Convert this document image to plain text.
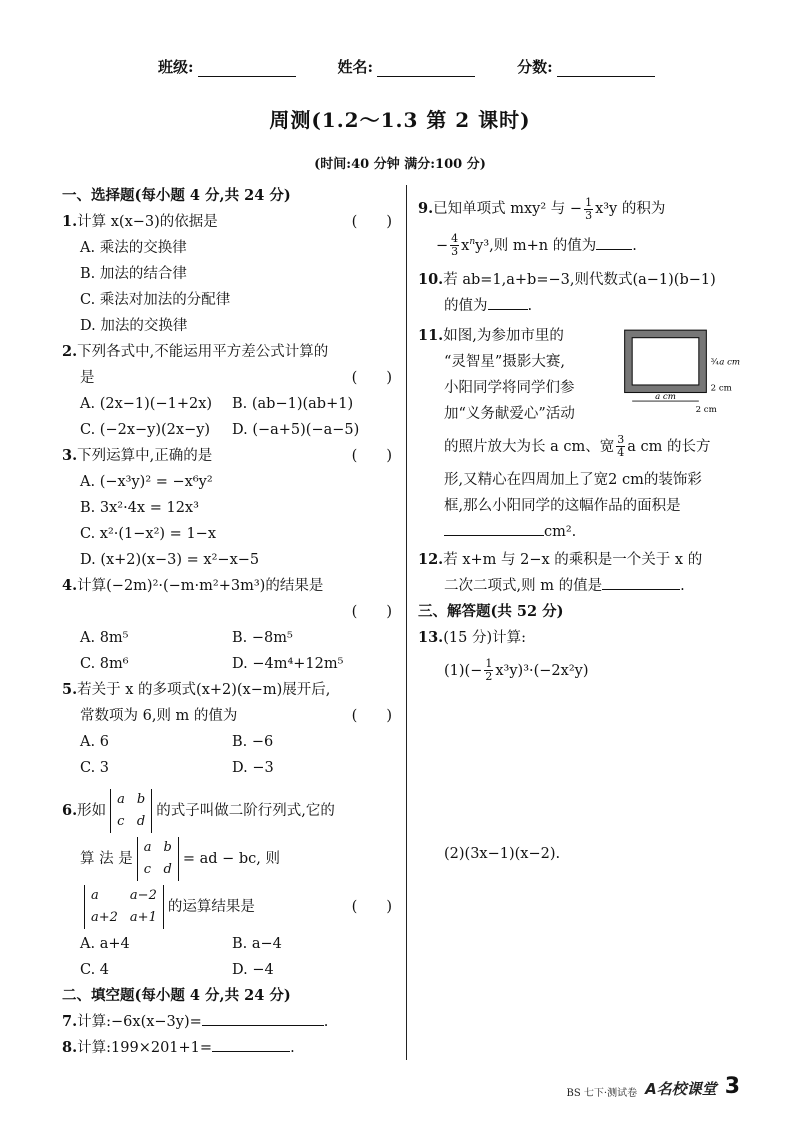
班级:	姓名:	分数:
周测(1.2～1.3 第 2 课时)
(时间:40 分钟 满分:100 分)
一、选择题(每小题 4 分,共 24 分)
1.计算 x(x−3)的依据是	(　　)
A. 乘法的交换律
B. 加法的结合律
C. 乘法对加法的分配律
D. 加法的交换律
2.下列各式中,不能运用平方差公式计算的
是	(　　)
A. (2x−1)(−1+2x)	B. (ab−1)(ab+1)
C. (−2x−y)(2x−y)	D. (−a+5)(−a−5)
3.下列运算中,正确的是	(　　)
A. (−x³y)² = −x⁶y²
B. 3x²·4x = 12x³
C. x²·(1−x²) = 1−x
D. (x+2)(x−3) = x²−x−5
4.计算(−2m)²·(−m·m²+3m³)的结果是
(　　)
A. 8m⁵	B. −8m⁵
C. 8m⁶	D. −4m⁴+12m⁵
5.若关于 x 的多项式(x+2)(x−m)展开后,
常数项为 6,则 m 的值为	(　　)
A. 6	B. −6
C. 3	D. −3
6.形如
a b
c d
的式子叫做二阶行列式,它的
算 法 是
a b
c d
= ad − bc, 则
a	a−2
a+2 a+1
的运算结果是	(　　)
A. a+4	B. a−4
C. 4	D. −4
二、填空题(每小题 4 分,共 24 分)
7.计算:−6x(x−3y)=	.
8.计算:199×201+1=	.
9.已知单项式 mxy² 与 − $\frac{1}{3} x^3y$ 的积为
− $\frac{4}{3} x^ny^3$,则 m+n 的值为 .
10.若 ab=1,a+b=−3,则代数式(a−1)(b−1)
的值为	.
11.如图,为参加市里的
“灵智星”摄影大赛,
小阳同学将同学们参
加“义务献爱心”活动
的照片放大为长 a cm、宽 $\frac{3}{4}$ a cm 的长方
形,又精心在四周加上了宽2 cm的装饰彩
框,那么小阳同学的这幅作品的面积是
cm².
12.若 x+m 与 2−x 的乘积是一个关于 x 的
二次二项式,则 m 的值是	.
三、解答题(共 52 分)
13.(15 分)计算:
$(1)(- \frac{1}{2} x^3y)^3\cdot(-2x^2y)$
(2)(3x−1)(x−2).
a cm
¾ a cm
2 cm
2 cm
BS 七下·测试卷 A名校课堂 3
